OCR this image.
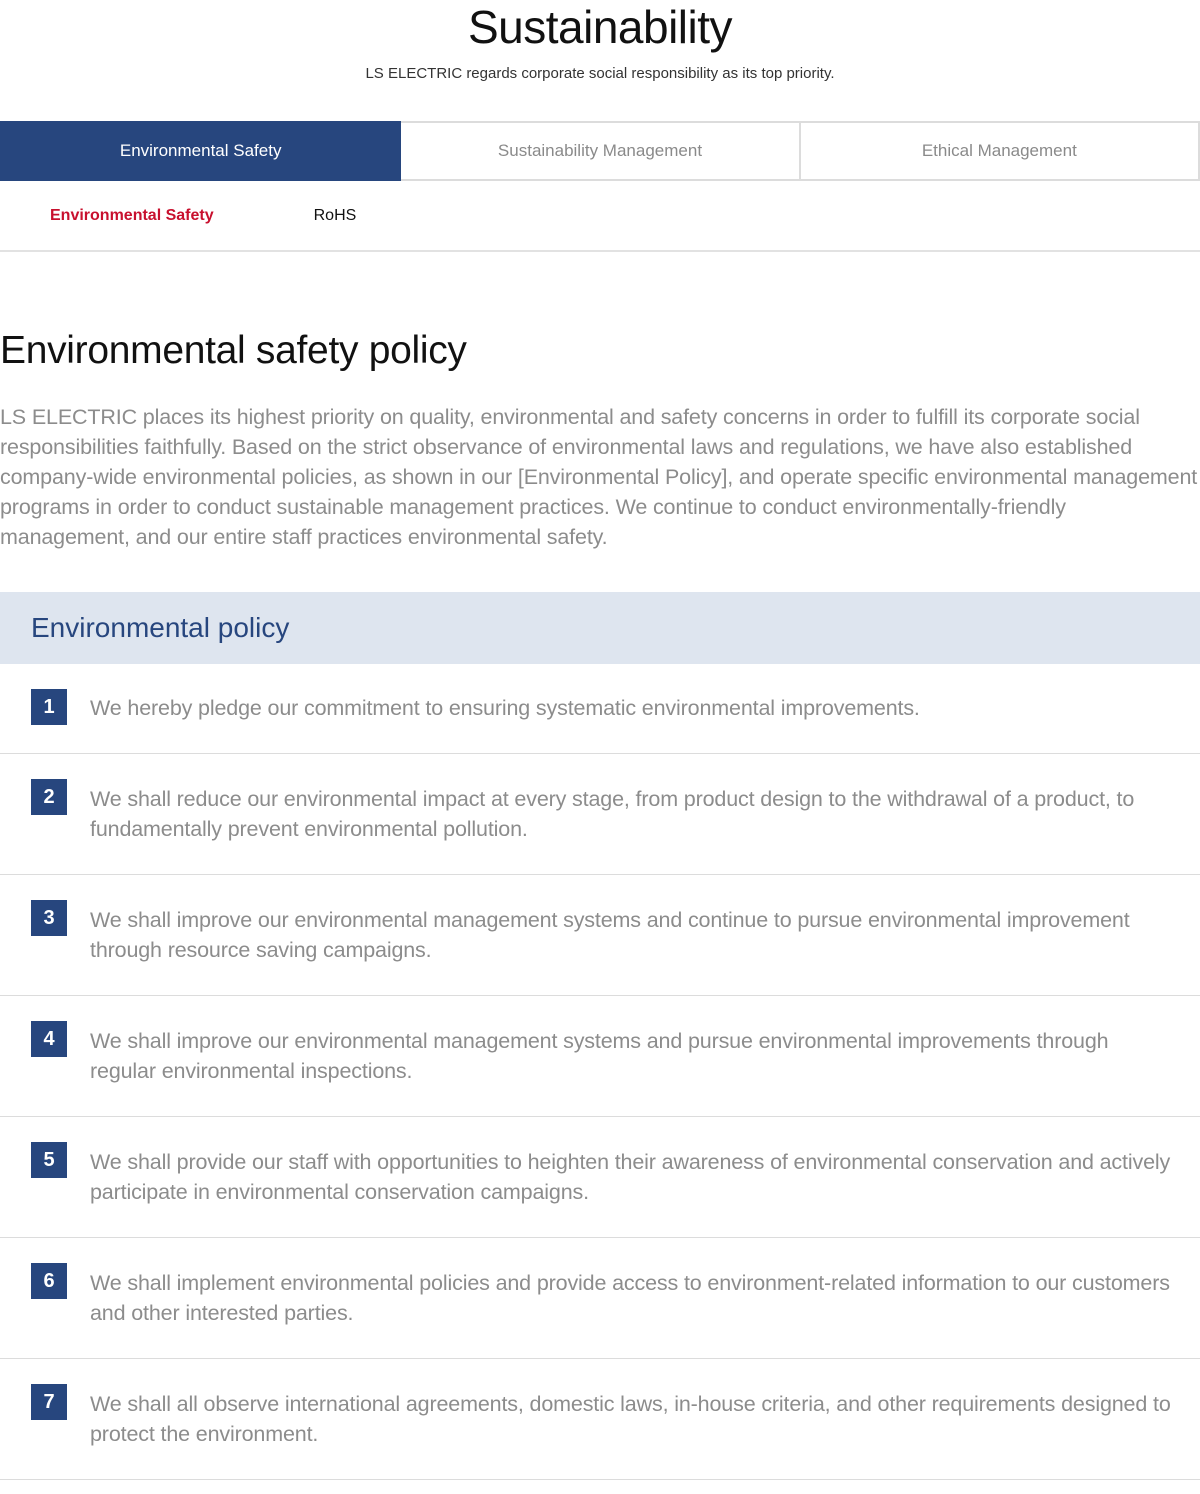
Sustainability

LS ELECTRIC regards corporate social responsibility as its top priority.

Environmental Safety	Sustainability Management	Ethical Management
Environmental Safety	RoHS
Environmental safety policy

LS ELECTRIC places its highest priority on quality, environmental and safety concerns in order to fulfill its corporate social responsibilities faithfully. Based on the strict observance of environmental laws and regulations, we have also established company-wide environmental policies, as shown in our [Environmental Policy], and operate specific environmental management programs in order to conduct sustainable management practices. We continue to conduct environmentally-friendly management, and our entire staff practices environmental safety.

Environmental policy
1	We hereby pledge our commitment to ensuring systematic environmental improvements.

2	We shall reduce our environmental impact at every stage, from product design to the withdrawal of a product, to fundamentally prevent environmental pollution.

3	We shall improve our environmental management systems and continue to pursue environmental improvement through resource saving campaigns.

4	We shall improve our environmental management systems and pursue environmental improvements through regular environmental inspections.

5	We shall provide our staff with opportunities to heighten their awareness of environmental conservation and actively participate in environmental conservation campaigns.

6	We shall implement environmental policies and provide access to environment-related information to our customers and other interested parties.

7	We shall all observe international agreements, domestic laws, in-house criteria, and other requirements designed to protect the environment.
